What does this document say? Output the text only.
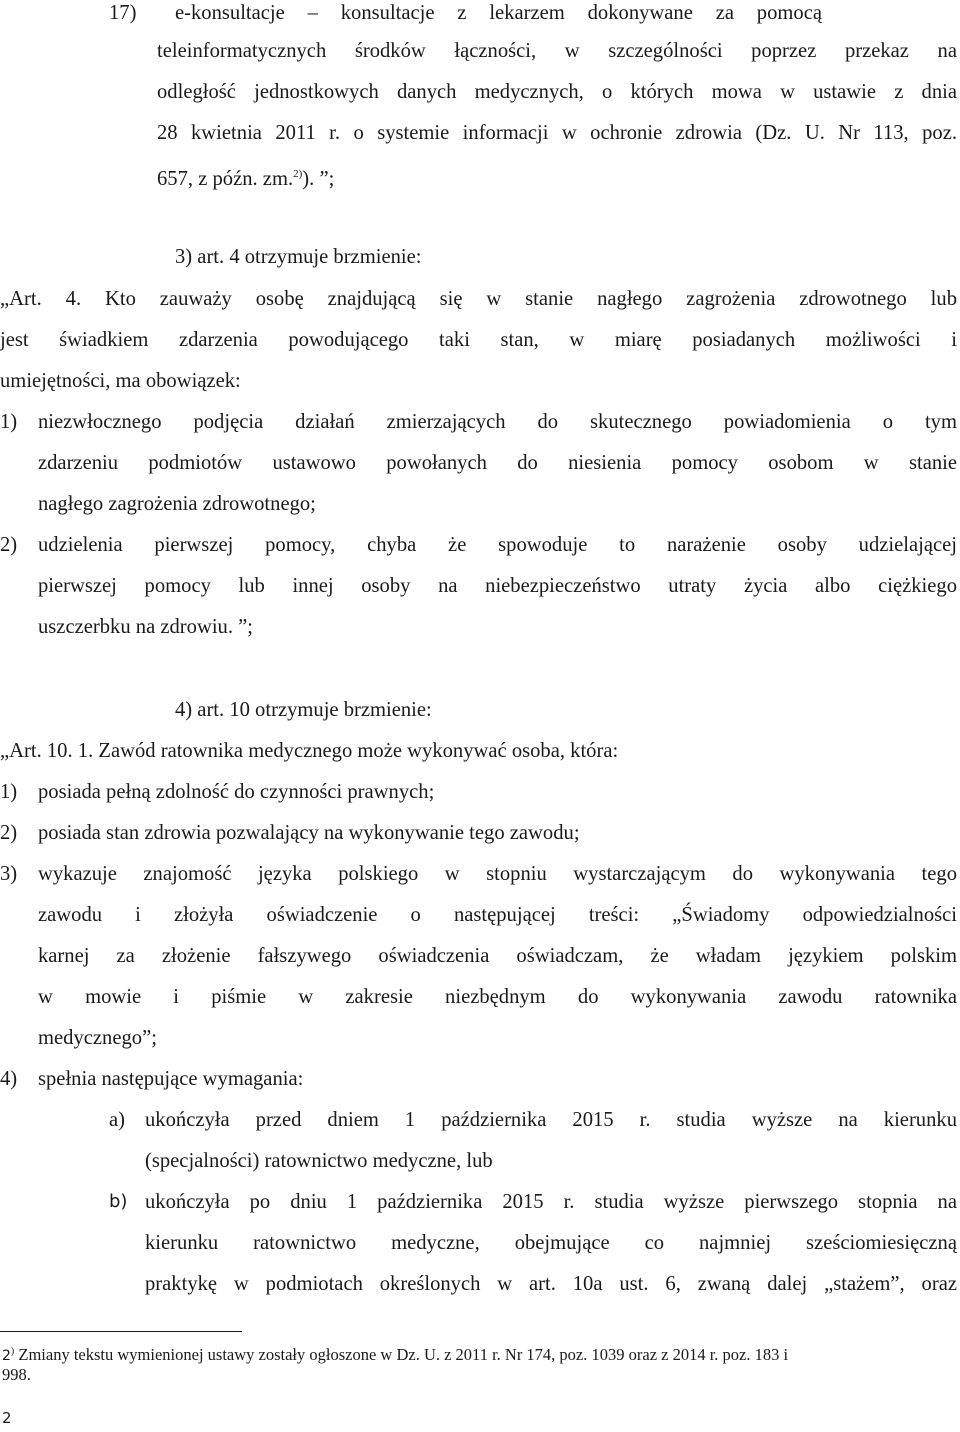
17) e-konsultacje – konsultacje z lekarzem dokonywane za pomocą
teleinformatycznych środków łączności, w szczególności poprzez przekaz na
odległość jednostkowych danych medycznych, o których mowa w ustawie z dnia
28 kwietnia 2011 r. o systemie informacji w ochronie zdrowia (Dz. U. Nr 113, poz.
657, z późn. zm.$^{2)}$). ”;
3) art. 4 otrzymuje brzmienie:
„Art. 4. Kto zauważy osobę znajdującą się w stanie nagłego zagrożenia zdrowotnego lub
jest świadkiem zdarzenia powodującego taki stan, w miarę posiadanych możliwości i
umiejętności, ma obowiązek:
1) niezwłocznego podjęcia działań zmierzających do skutecznego powiadomienia o tym
zdarzeniu podmiotów ustawowo powołanych do niesienia pomocy osobom w stanie
nagłego zagrożenia zdrowotnego;
2) udzielenia pierwszej pomocy, chyba że spowoduje to narażenie osoby udzielającej
pierwszej pomocy lub innej osoby na niebezpieczeństwo utraty życia albo ciężkiego
uszczerbku na zdrowiu. ”;
4) art. 10 otrzymuje brzmienie:
„Art. 10. 1. Zawód ratownika medycznego może wykonywać osoba, która:
1) posiada pełną zdolność do czynności prawnych;
2) posiada stan zdrowia pozwalający na wykonywanie tego zawodu;
3) wykazuje znajomość języka polskiego w stopniu wystarczającym do wykonywania tego
zawodu i złożyła oświadczenie o następującej treści: „Świadomy odpowiedzialności
karnej za złożenie fałszywego oświadczenia oświadczam, że władam językiem polskim
w mowie i piśmie w zakresie niezbędnym do wykonywania zawodu ratownika
medycznego”;
4) spełnia następujące wymagania:
a) ukończyła przed dniem 1 października 2015 r. studia wyższe na kierunku
(specjalności) ratownictwo medyczne, lub
b) ukończyła po dniu 1 października 2015 r. studia wyższe pierwszego stopnia na
kierunku ratownictwo medyczne, obejmujące co najmniej sześciomiesięczną
praktykę w podmiotach określonych w art. 10a ust. 6, zwaną dalej „stażem”, oraz
2) Zmiany tekstu wymienionej ustawy zostały ogłoszone w Dz. U. z 2011 r. Nr 174, poz. 1039 oraz z 2014 r. poz. 183 i
998.
2
